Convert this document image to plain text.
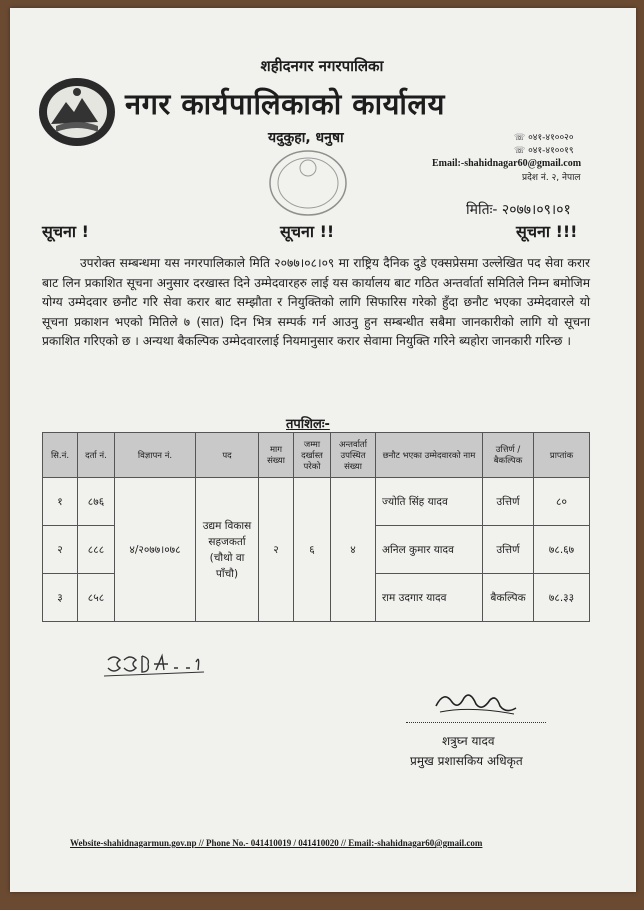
शहीदनगर नगरपालिका
नगर कार्यपालिकाको कार्यालय
यदुकुहा, धनुषा	☏ ०४१-४१००२०
☏ ०४१-४१००१९
Email:-shahidnagar60@gmail.com
प्रदेश नं. २, नेपाल
मितिः- २०७७।०९।०१
सूचना !	सूचना !!	सूचना !!!
उपरोक्त सम्बन्धमा यस नगरपालिकाले मिति २०७७।०८।०९ मा राष्ट्रिय दैनिक दुडे एक्सप्रेसमा उल्लेखित पद सेवा करार बाट लिन प्रकाशित सूचना अनुसार दरखास्त दिने उम्मेदवारहरु लाई यस कार्यालय बाट गठित अन्तर्वार्ता समितिले निम्न बमोजिम योग्य उम्मेदवार छनौट गरि सेवा करार बाट सम्झौता र नियुक्तिको लागि सिफारिस गरेको हुँदा छनौट भएका उम्मेदवारले यो सूचना प्रकाशन भएको मितिले ७ (सात) दिन भित्र सम्पर्क गर्न आउनु हुन सम्बन्धीत सबैमा जानकारीको लागि यो सूचना प्रकाशित गरिएको छ । अन्यथा बैकल्पिक उम्मेदवारलाई नियमानुसार करार सेवामा नियुक्ति गरिने ब्यहोरा जानकारी गरिन्छ ।
तपशिलः-
सि.नं.	दर्ता नं.	विज्ञापन नं.	पद	माग संख्या	जम्मा दर्खास्त परेको	अन्तर्वार्ता उपस्थित संख्या	छनौट भएका उम्मेदवारको नाम	उत्तिर्ण / बैकल्पिक	प्राप्तांक
१	८७६	४/२०७७।०७८	उद्यम विकास सहजकर्ता (चौथो वा पाँचौ)	२	६	४	ज्योति सिंह यादव	उत्तिर्ण	८०
२	८८८						अनिल कुमार यादव	उत्तिर्ण	७८.६७
३	८५८						राम उदगार यादव	बैकल्पिक	७८.३३
शत्रुघ्न यादव
प्रमुख प्रशासकिय अधिकृत
Website-shahidnagarmun.gov.np // Phone No.- 041410019 / 041410020 // Email:-shahidnagar60@gmail.com
